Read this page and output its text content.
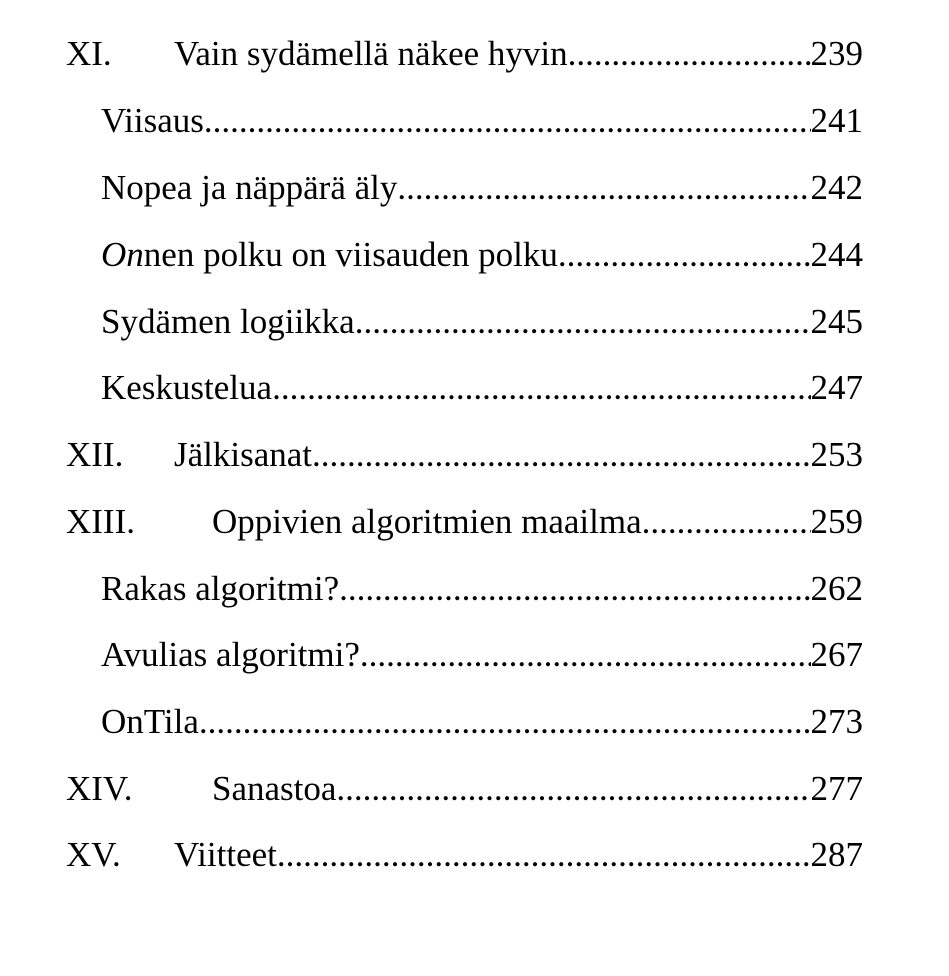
XI.	Vain sydämellä näkee hyvin .....	239
Viisaus .....	241
Nopea ja näppärä äly .....	242
Onnen polku on viisauden polku .....	244
Sydämen logiikka .....	245
Keskustelua .....	247
XII.	Jälkisanat .....	253
XIII.	Oppivien algoritmien maailma .....	259
Rakas algoritmi? .....	262
Avulias algoritmi? .....	267
OnTila .....	273
XIV.	Sanastoa .....	277
XV.	Viitteet .....	287
